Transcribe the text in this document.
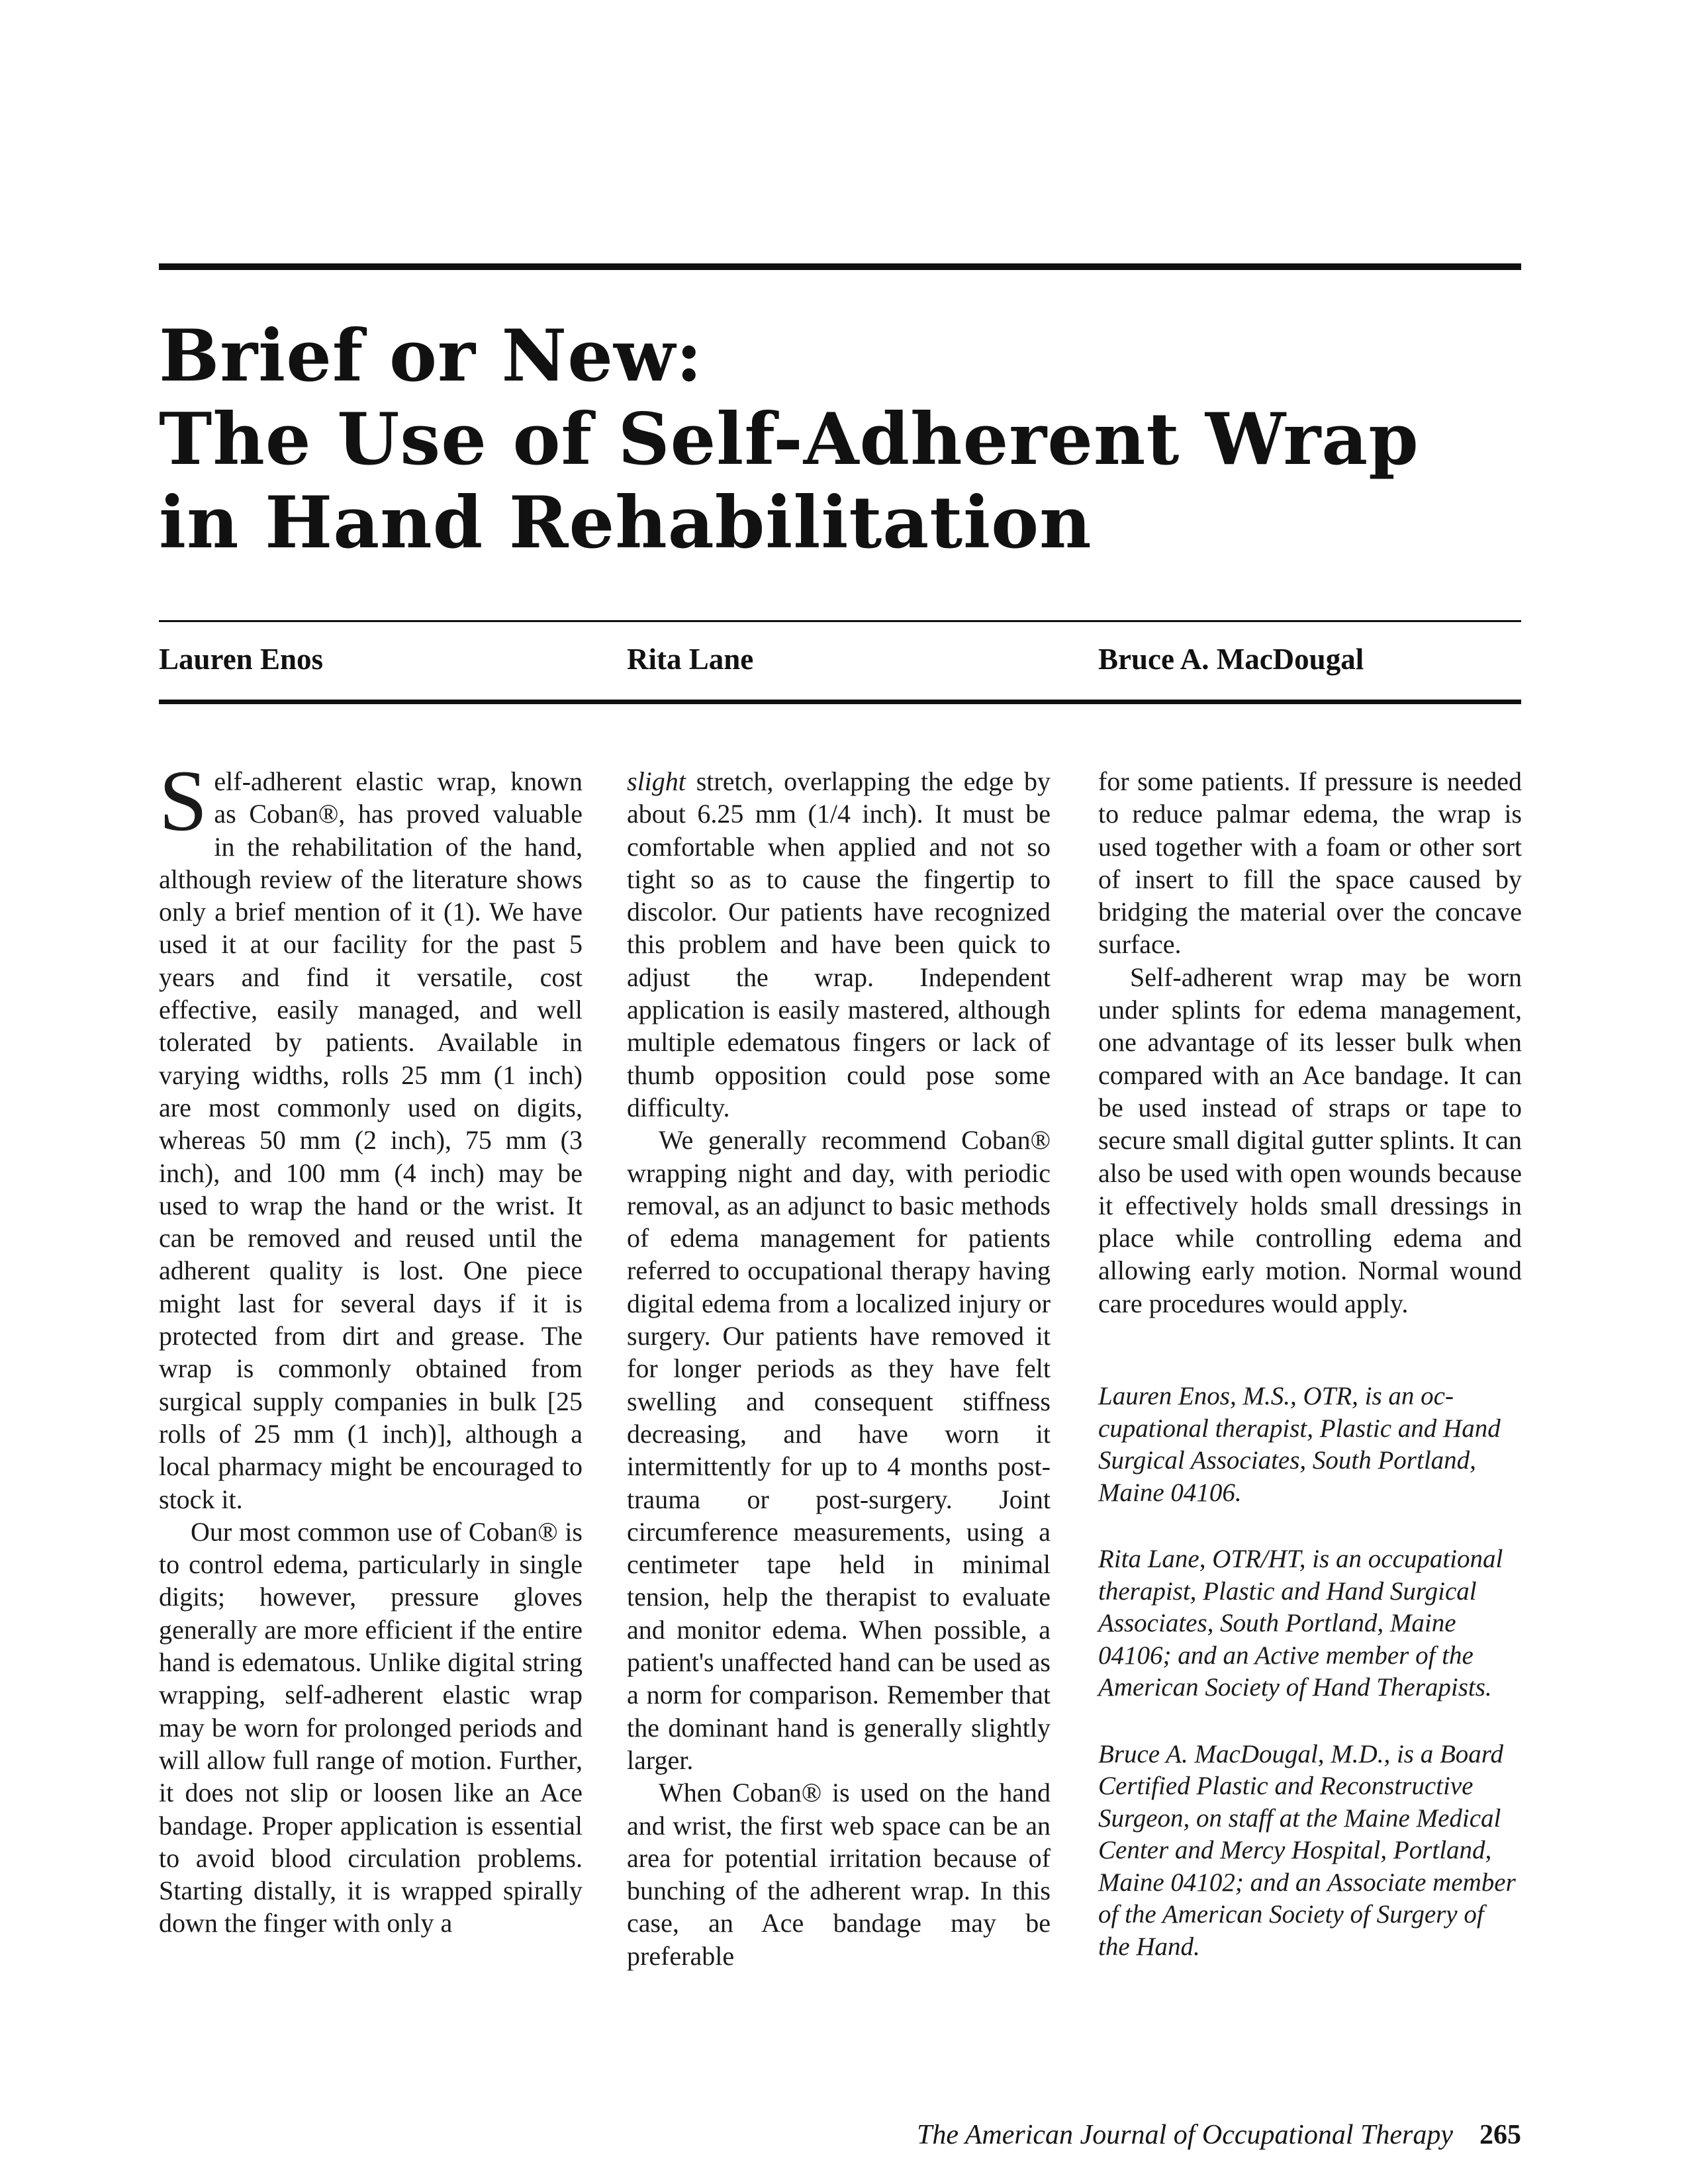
Brief or New:
The Use of Self-Adherent Wrap
in Hand Rehabilitation

Lauren Enos	Rita Lane	Bruce A. MacDougal

Self-adherent elastic wrap, known as Coban®, has proved valuable in the rehabilitation of the hand, although review of the literature shows only a brief mention of it (1). We have used it at our facility for the past 5 years and find it versatile, cost effective, easily managed, and well tolerated by patients. Available in varying widths, rolls 25 mm (1 inch) are most commonly used on digits, whereas 50 mm (2 inch), 75 mm (3 inch), and 100 mm (4 inch) may be used to wrap the hand or the wrist. It can be removed and reused until the adherent quality is lost. One piece might last for several days if it is protected from dirt and grease. The wrap is commonly obtained from surgical supply companies in bulk [25 rolls of 25 mm (1 inch)], although a local pharmacy might be encouraged to stock it.

Our most common use of Coban® is to control edema, particularly in single digits; however, pressure gloves generally are more efficient if the entire hand is edematous. Unlike digital string wrapping, self-adherent elastic wrap may be worn for prolonged periods and will allow full range of motion. Further, it does not slip or loosen like an Ace bandage. Proper application is essential to avoid blood circulation problems. Starting distally, it is wrapped spirally down the finger with only a

slight stretch, overlapping the edge by about 6.25 mm (1/4 inch). It must be comfortable when applied and not so tight so as to cause the fingertip to discolor. Our patients have recognized this problem and have been quick to adjust the wrap. Independent application is easily mastered, although multiple edematous fingers or lack of thumb opposition could pose some difficulty.

We generally recommend Coban® wrapping night and day, with periodic removal, as an adjunct to basic methods of edema management for patients referred to occupational therapy having digital edema from a localized injury or surgery. Our patients have removed it for longer periods as they have felt swelling and consequent stiffness decreasing, and have worn it intermittently for up to 4 months post-trauma or post-surgery. Joint circumference measurements, using a centimeter tape held in minimal tension, help the therapist to evaluate and monitor edema. When possible, a patient's unaffected hand can be used as a norm for comparison. Remember that the dominant hand is generally slightly larger.

When Coban® is used on the hand and wrist, the first web space can be an area for potential irritation because of bunching of the adherent wrap. In this case, an Ace bandage may be preferable

for some patients. If pressure is needed to reduce palmar edema, the wrap is used together with a foam or other sort of insert to fill the space caused by bridging the material over the concave surface.

Self-adherent wrap may be worn under splints for edema management, one advantage of its lesser bulk when compared with an Ace bandage. It can be used instead of straps or tape to secure small digital gutter splints. It can also be used with open wounds because it effectively holds small dressings in place while controlling edema and allowing early motion. Normal wound care procedures would apply.

Lauren Enos, M.S., OTR, is an occupational therapist, Plastic and Hand Surgical Associates, South Portland, Maine 04106.

Rita Lane, OTR/HT, is an occupational therapist, Plastic and Hand Surgical Associates, South Portland, Maine 04106; and an Active member of the American Society of Hand Therapists.

Bruce A. MacDougal, M.D., is a Board Certified Plastic and Reconstructive Surgeon, on staff at the Maine Medical Center and Mercy Hospital, Portland, Maine 04102; and an Associate member of the American Society of Surgery of the Hand.

The American Journal of Occupational Therapy 265
